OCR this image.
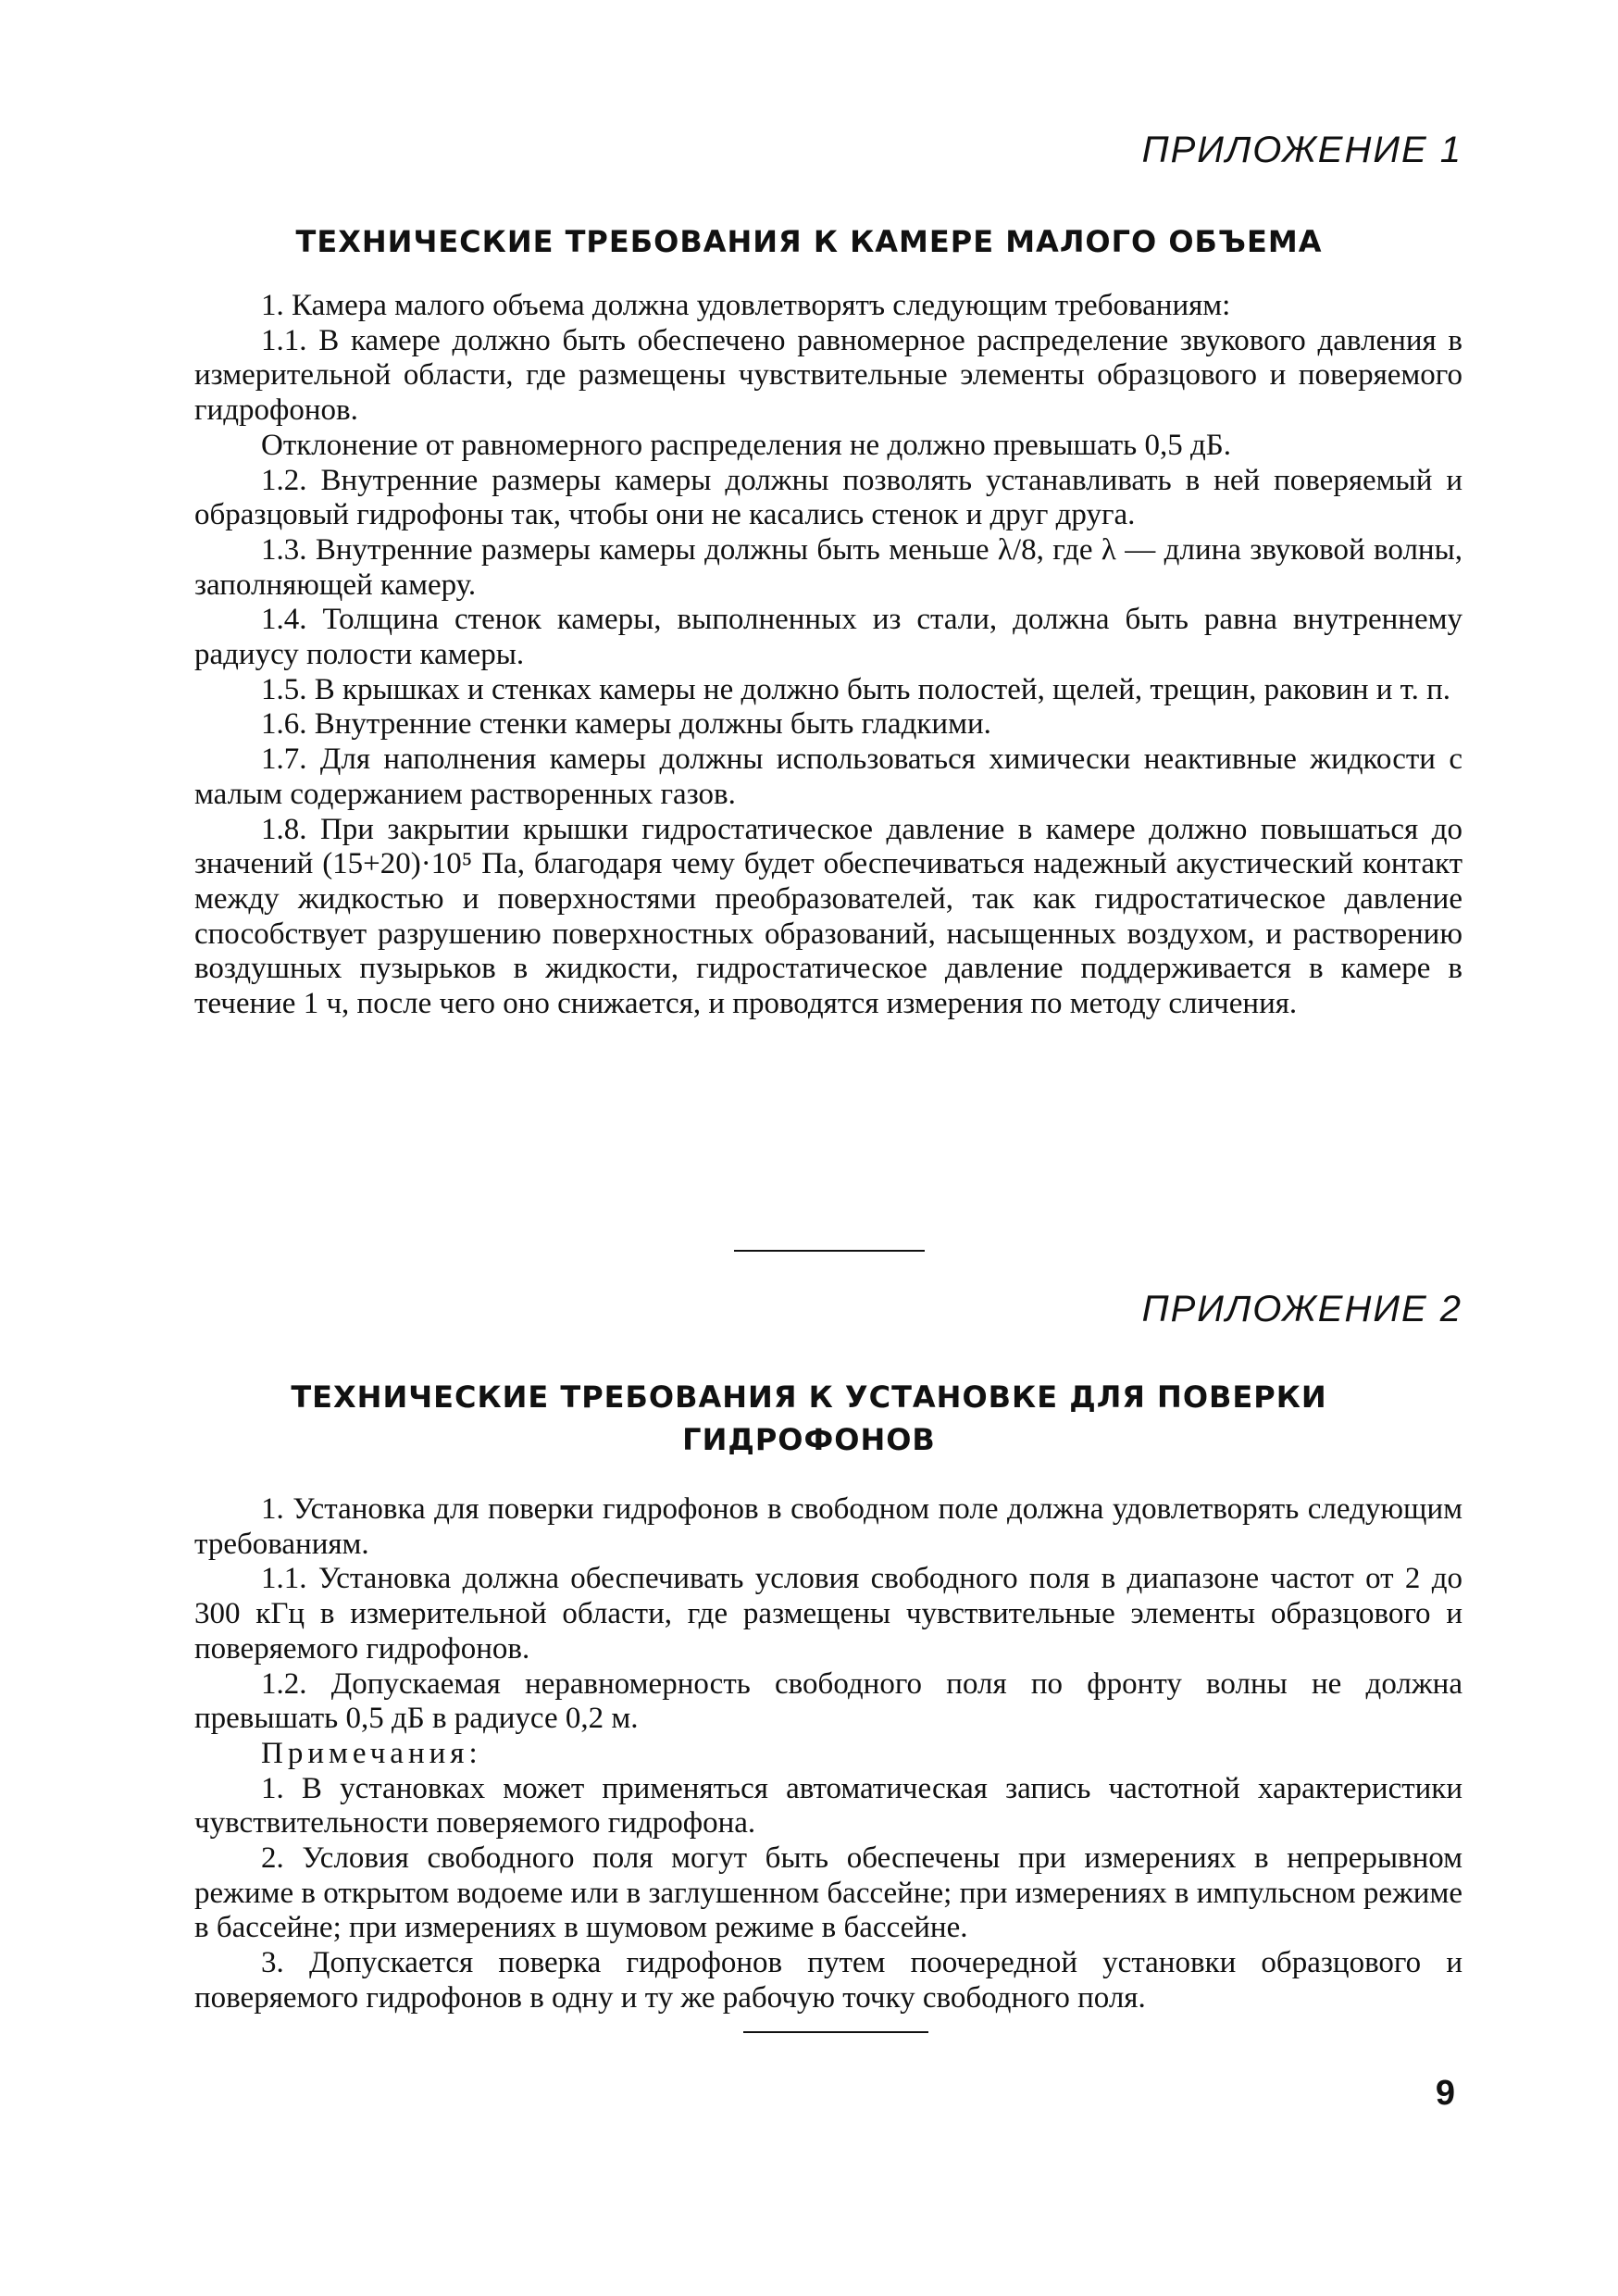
ПРИЛОЖЕНИЕ 1

ТЕХНИЧЕСКИЕ ТРЕБОВАНИЯ К КАМЕРЕ МАЛОГО ОБЪЕМА

1. Камера малого объема должна удовлетворятъ следующим требованиям:

1.1. В камере должно быть обеспечено равномерное распределение звукового давления в измерительной области, где размещены чувствительные элементы образцового и поверяемого гидрофонов.

Отклонение от равномерного распределения не должно превышать 0,5 дБ.

1.2. Внутренние размеры камеры должны позволять устанавливать в ней поверяемый и образцовый гидрофоны так, чтобы они не касались стенок и друг друга.

1.3. Внутренние размеры камеры должны быть меньше λ/8, где λ — длина звуковой волны, заполняющей камеру.

1.4. Толщина стенок камеры, выполненных из стали, должна быть равна внутреннему радиусу полости камеры.

1.5. В крышках и стенках камеры не должно быть полостей, щелей, трещин, раковин и т. п.

1.6. Внутренние стенки камеры должны быть гладкими.

1.7. Для наполнения камеры должны использоваться химически неактивные жидкости с малым содержанием растворенных газов.

1.8. При закрытии крышки гидростатическое давление в камере должно повышаться до значений (15+20)·10⁵ Па, благодаря чему будет обеспечиваться надежный акустический контакт между жидкостью и поверхностями преобразователей, так как гидростатическое давление способствует разрушению поверхностных образований, насыщенных воздухом, и растворению воздушных пузырьков в жидкости, гидростатическое давление поддерживается в камере в течение 1 ч, после чего оно снижается, и проводятся измерения по методу сличения.

ПРИЛОЖЕНИЕ 2

ТЕХНИЧЕСКИЕ ТРЕБОВАНИЯ К УСТАНОВКЕ ДЛЯ ПОВЕРКИ

ГИДРОФОНОВ

1. Установка для поверки гидрофонов в свободном поле должна удовлетворять следующим требованиям.

1.1. Установка должна обеспечивать условия свободного поля в диапазоне частот от 2 до 300 кГц в измерительной области, где размещены чувствительные элементы образцового и поверяемого гидрофонов.

1.2. Допускаемая неравномерность свободного поля по фронту волны не должна превышать 0,5 дБ в радиусе 0,2 м.

Примечания:

1. В установках может применяться автоматическая запись частотной характеристики чувствительности поверяемого гидрофона.

2. Условия свободного поля могут быть обеспечены при измерениях в непрерывном режиме в открытом водоеме или в заглушенном бассейне; при измерениях в импульсном режиме в бассейне; при измерениях в шумовом режиме в бассейне.

3. Допускается поверка гидрофонов путем поочередной установки образцового и поверяемого гидрофонов в одну и ту же рабочую точку свободного поля.

9
